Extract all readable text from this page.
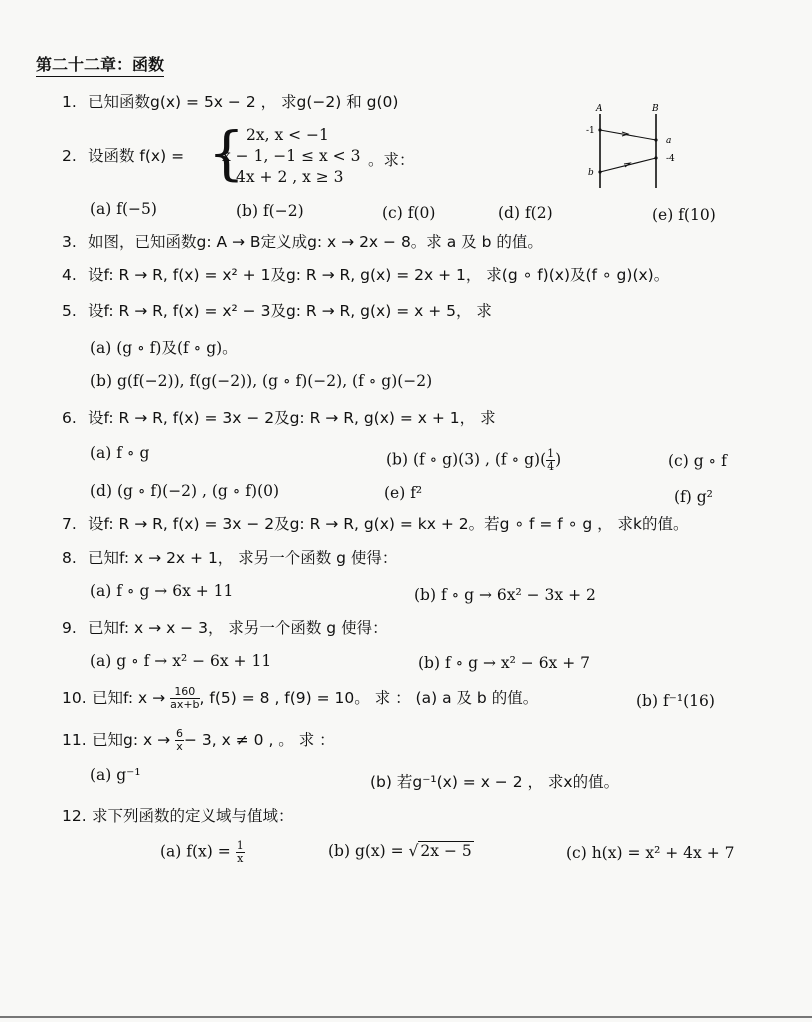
第二十二章：函数
1. 已知函数g(x) = 5x − 2 ， 求g(−2) 和 g(0)
2. 设函数 f(x) = { 2x, x < −1
x − 1, −1 ≤ x < 3
4x + 2 , x ≥ 3
。求：
(a) f(−5)	(b) f(−2)	(c) f(0)	(d) f(2)	(e) f(10)
A	B
-1
b
a
-4
3. 如图，已知函数g: A → B定义成g: x → 2x − 8。求 a 及 b 的值。
4. 设f: R → R, f(x) = x² + 1及g: R → R, g(x) = 2x + 1， 求(g ∘ f)(x)及(f ∘ g)(x)。
5. 设f: R → R, f(x) = x² − 3及g: R → R, g(x) = x + 5， 求
(a) (g ∘ f)及(f ∘ g)。
(b) g(f(−2)), f(g(−2)), (g ∘ f)(−2), (f ∘ g)(−2)
6. 设f: R → R, f(x) = 3x − 2及g: R → R, g(x) = x + 1， 求
(a) f ∘ g	(b) (f ∘ g)(3) , (f ∘ $g)( \frac{1}{4}$ )	(c) g ∘ f
(d) (g ∘ f)(−2) , (g ∘ f)(0)	(e) f²	(f) g²
7. 设f: R → R, f(x) = 3x − 2及g: R → R, g(x) = kx + 2。若g ∘ f = f ∘ g ， 求k的值。
8. 已知f: x → 2x + 1， 求另一个函数 g 使得：
(a) f ∘ g → 6x + 11	(b) f ∘ g → 6x² − 3x + 2
9. 已知f: x → x − 3， 求另一个函数 g 使得：
(a) g ∘ f → x² − 6x + 11	(b) f ∘ g → x² − 6x + 7
10. 已知f: $x \to \frac{160}{ax+b}$ , f(5) = 8 , f(9) = 10。 求 ： (a) a 及 b 的值。	(b) f⁻¹(16)
11. 已知g: $x \to \frac{6}{x} - 3$, x ≠ 0 , 。 求 ：
(a) g⁻¹	(b) 若g⁻¹(x) = x − 2 ， 求x的值。
12. 求下列函数的定义域与值域：
(a) $f(x) = \frac{1}{x}$	(b) g(x) = √ 2x − 5	(c) h(x) = x² + 4x + 7
